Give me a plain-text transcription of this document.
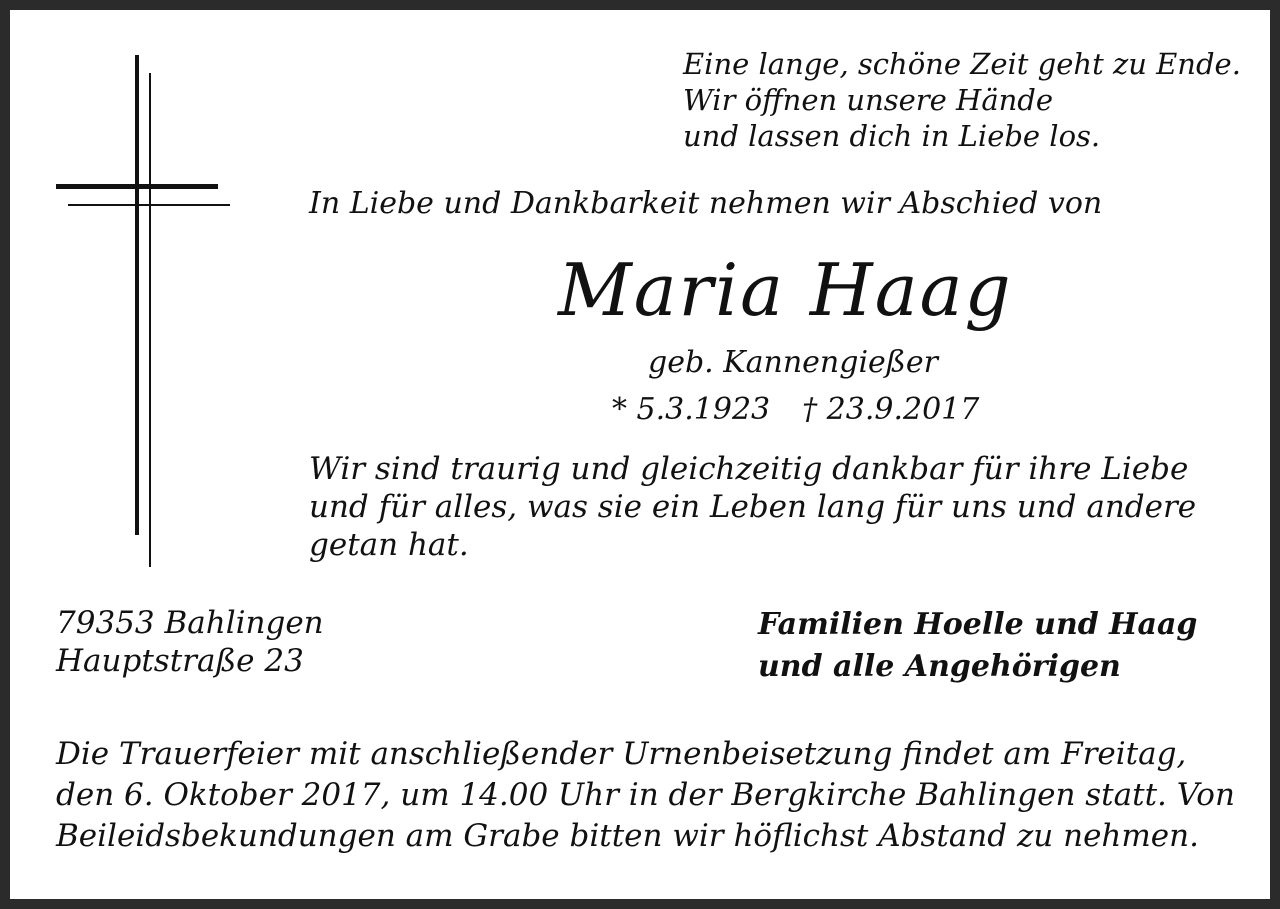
Eine lange, schöne Zeit geht zu Ende.
Wir öffnen unsere Hände
und lassen dich in Liebe los.
In Liebe und Dankbarkeit nehmen wir Abschied von
Maria Haag
geb. Kannengießer
* 5.3.1923 † 23.9.2017
Wir sind traurig und gleichzeitig dankbar für ihre Liebe
und für alles, was sie ein Leben lang für uns und andere
getan hat.
79353 Bahlingen
Hauptstraße 23
Familien Hoelle und Haag
und alle Angehörigen
Die Trauerfeier mit anschließender Urnenbeisetzung findet am Freitag,
den 6. Oktober 2017, um 14.00 Uhr in der Bergkirche Bahlingen statt. Von
Beileidsbekundungen am Grabe bitten wir höflichst Abstand zu nehmen.
